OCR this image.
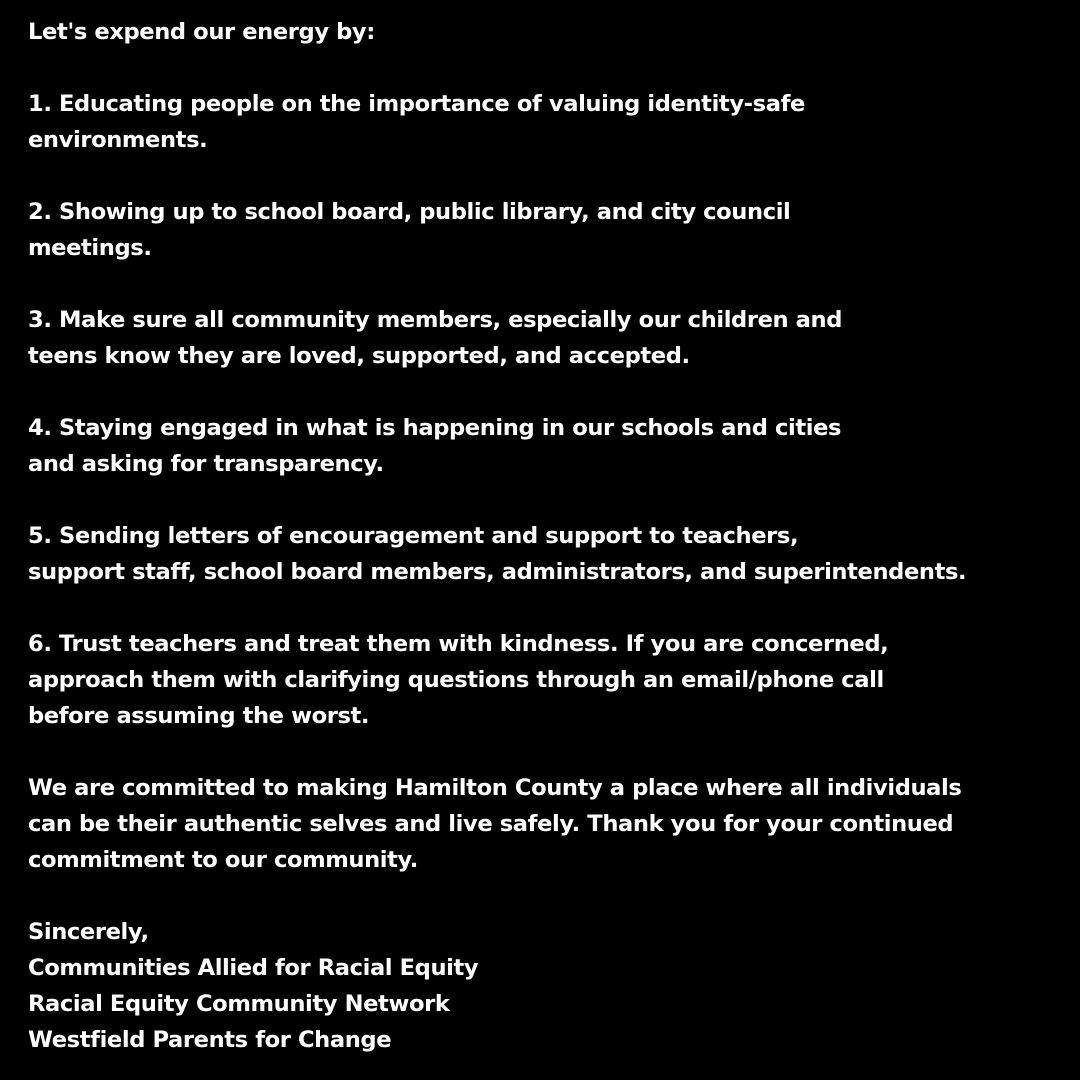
Let's expend our energy by:
1. Educating people on the importance of valuing identity-safe
environments.
2. Showing up to school board, public library, and city council
meetings.
3. Make sure all community members, especially our children and
teens know they are loved, supported, and accepted.
4. Staying engaged in what is happening in our schools and cities
and asking for transparency.
5. Sending letters of encouragement and support to teachers,
support staff, school board members, administrators, and superintendents.
6. Trust teachers and treat them with kindness. If you are concerned,
approach them with clarifying questions through an email/phone call
before assuming the worst.
We are committed to making Hamilton County a place where all individuals
can be their authentic selves and live safely. Thank you for your continued
commitment to our community.
Sincerely,
Communities Allied for Racial Equity
Racial Equity Community Network
Westfield Parents for Change
